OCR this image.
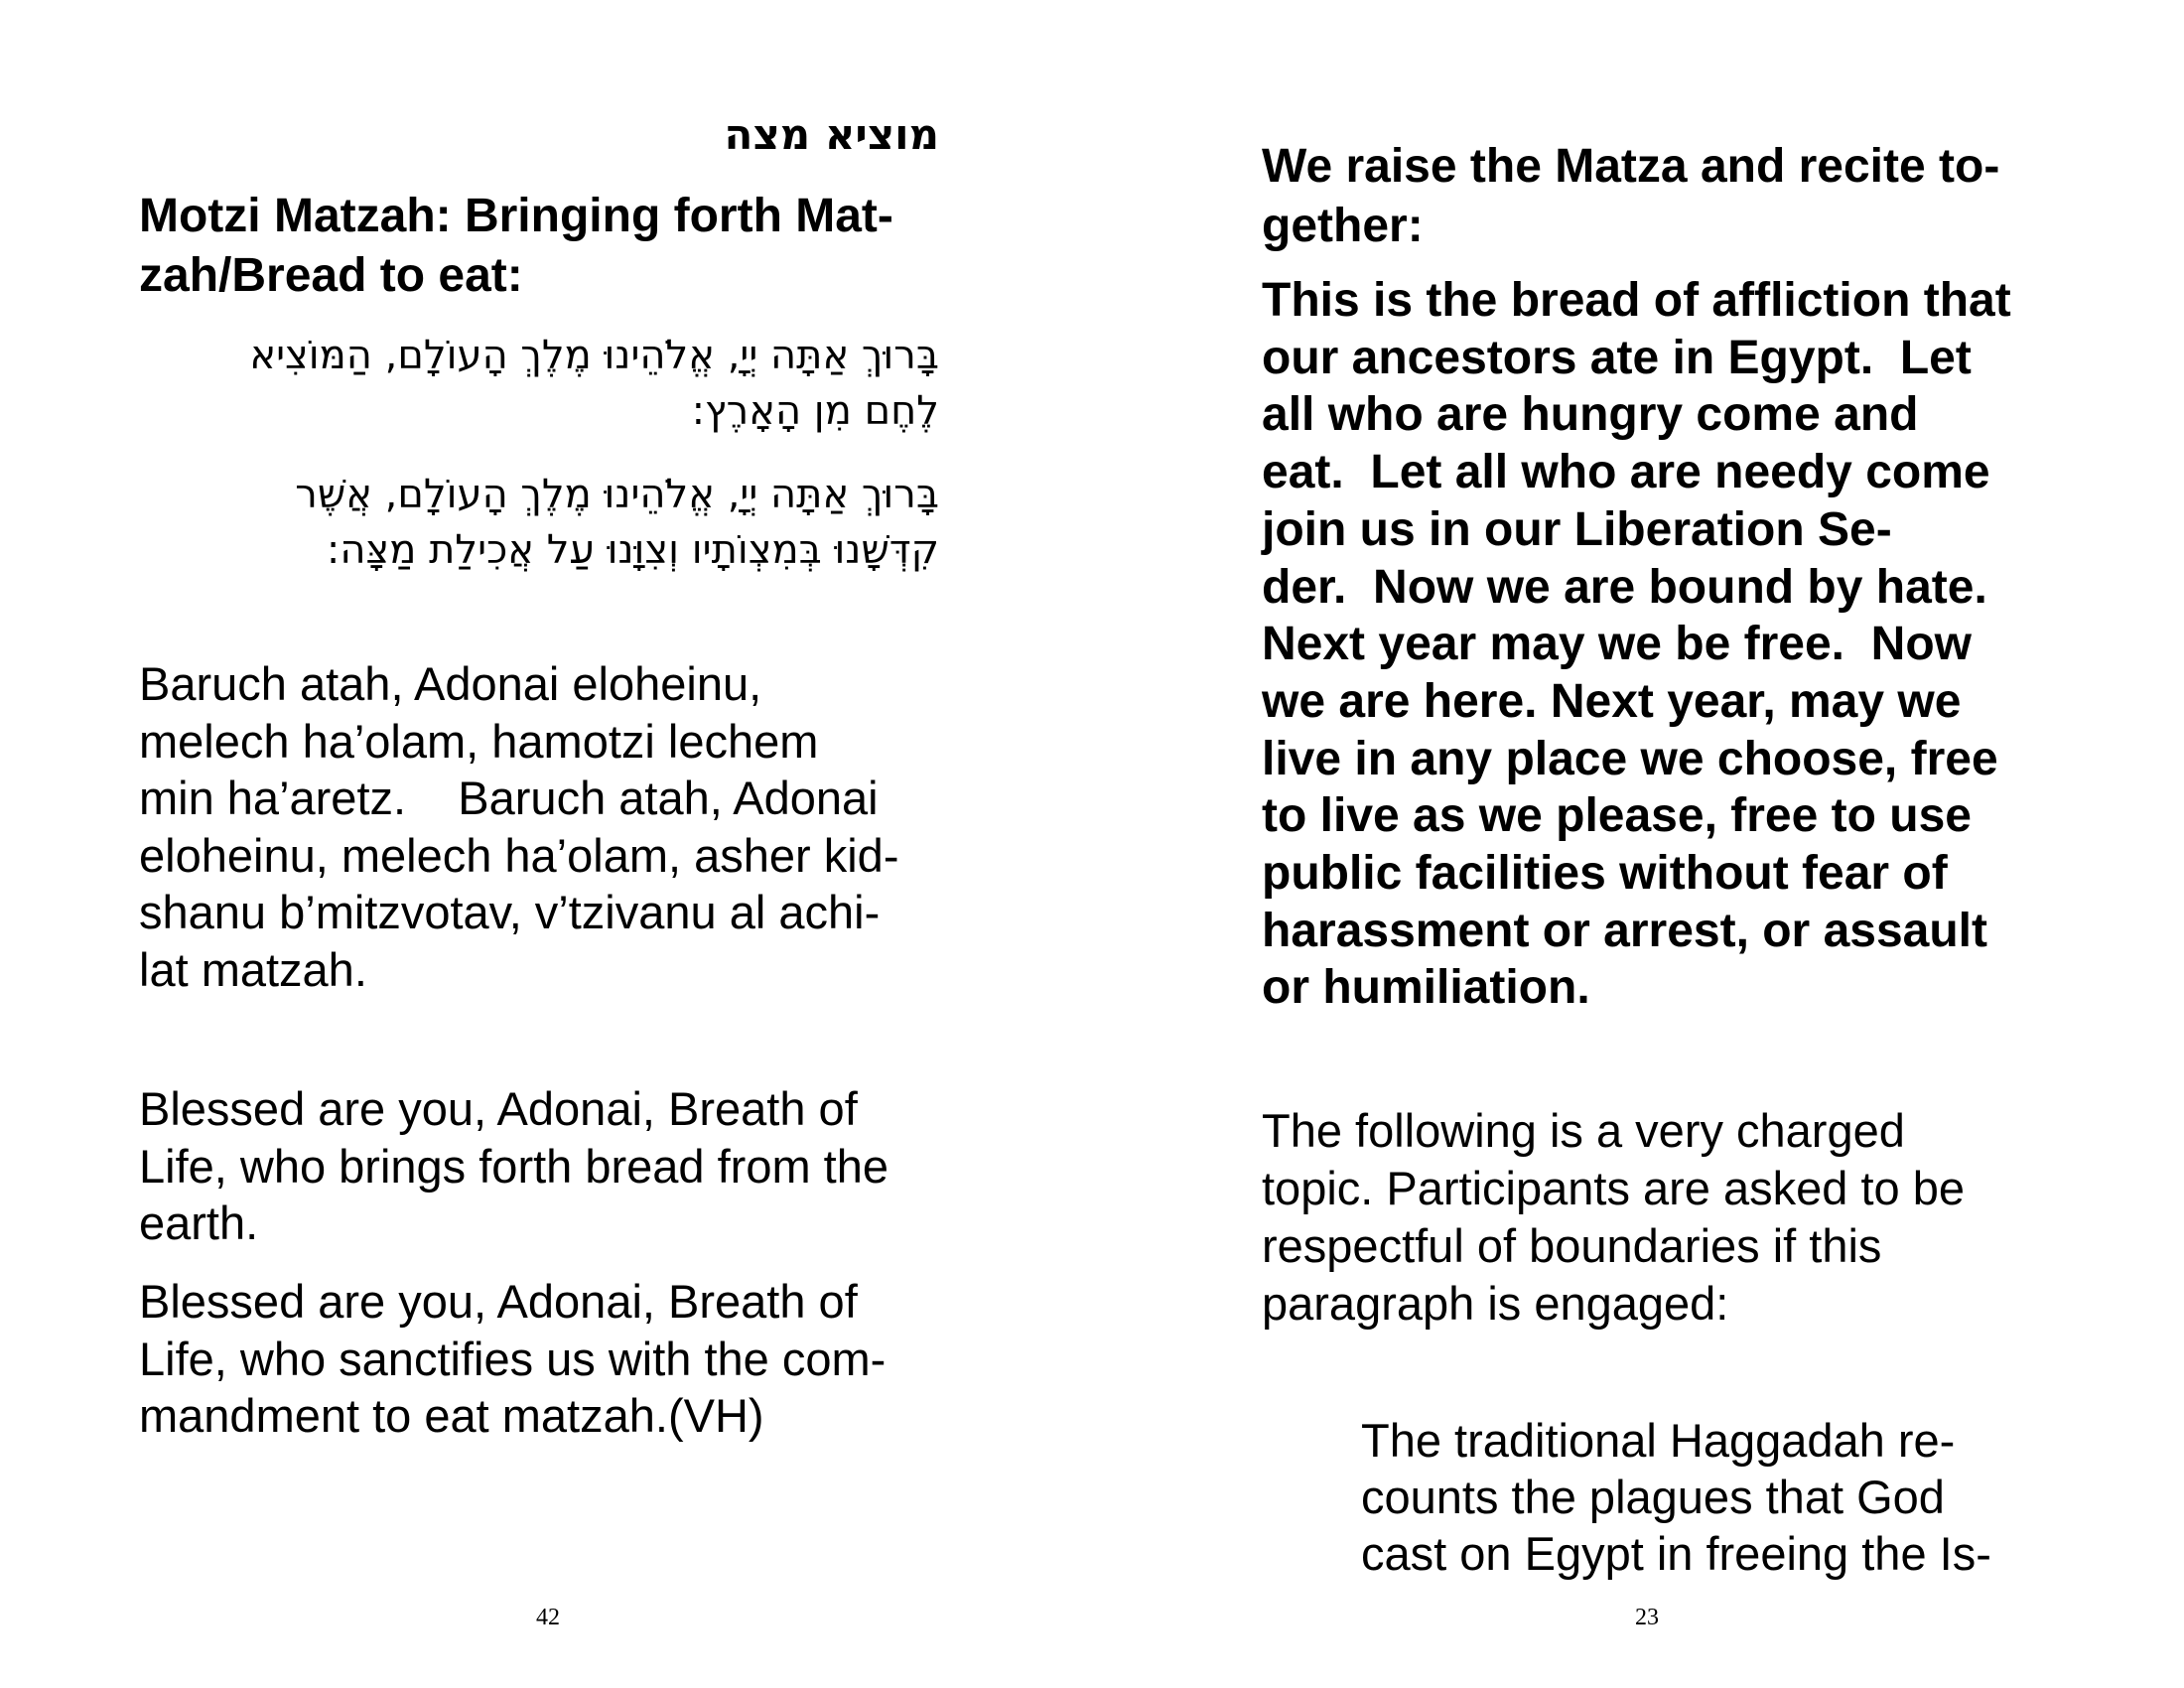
מוציא מצה
Motzi Matzah: Bringing forth Mat-
zah/Bread to eat:
בָּרוּךְ אַתָּה יְיָ, אֱלֹהֵינוּ מֶלֶךְ הָעוֹלָם, הַמּוֹצִיא
לֶחֶם מִן הָאָרֶץ:
בָּרוּךְ אַתָּה יְיָ, אֱלֹהֵינוּ מֶלֶךְ הָעוֹלָם, אֲשֶׁר
קִדְּשָׁנוּ בְּמִצְוֹתָיו וְצִוָּנוּ עַל אֲכִילַת מַצָּה:
Baruch atah, Adonai eloheinu,
melech ha’olam, hamotzi lechem
min ha’aretz.    Baruch atah, Adonai
eloheinu, melech ha’olam, asher kid-
shanu b’mitzvotav, v’tzivanu al achi-
lat matzah.
Blessed are you, Adonai, Breath of
Life, who brings forth bread from the
earth.
Blessed are you, Adonai, Breath of
Life, who sanctifies us with the com-
mandment to eat matzah.(VH)
42
We raise the Matza and recite to-
gether:
This is the bread of affliction that
our ancestors ate in Egypt.  Let
all who are hungry come and
eat.  Let all who are needy come
join us in our Liberation Se-
der.  Now we are bound by hate.
Next year may we be free.  Now
we are here. Next year, may we
live in any place we choose, free
to live as we please, free to use
public facilities without fear of
harassment or arrest, or assault
or humiliation.
The following is a very charged
topic. Participants are asked to be
respectful of boundaries if this
paragraph is engaged:
The traditional Haggadah re-
counts the plagues that God
cast on Egypt in freeing the Is-
23
